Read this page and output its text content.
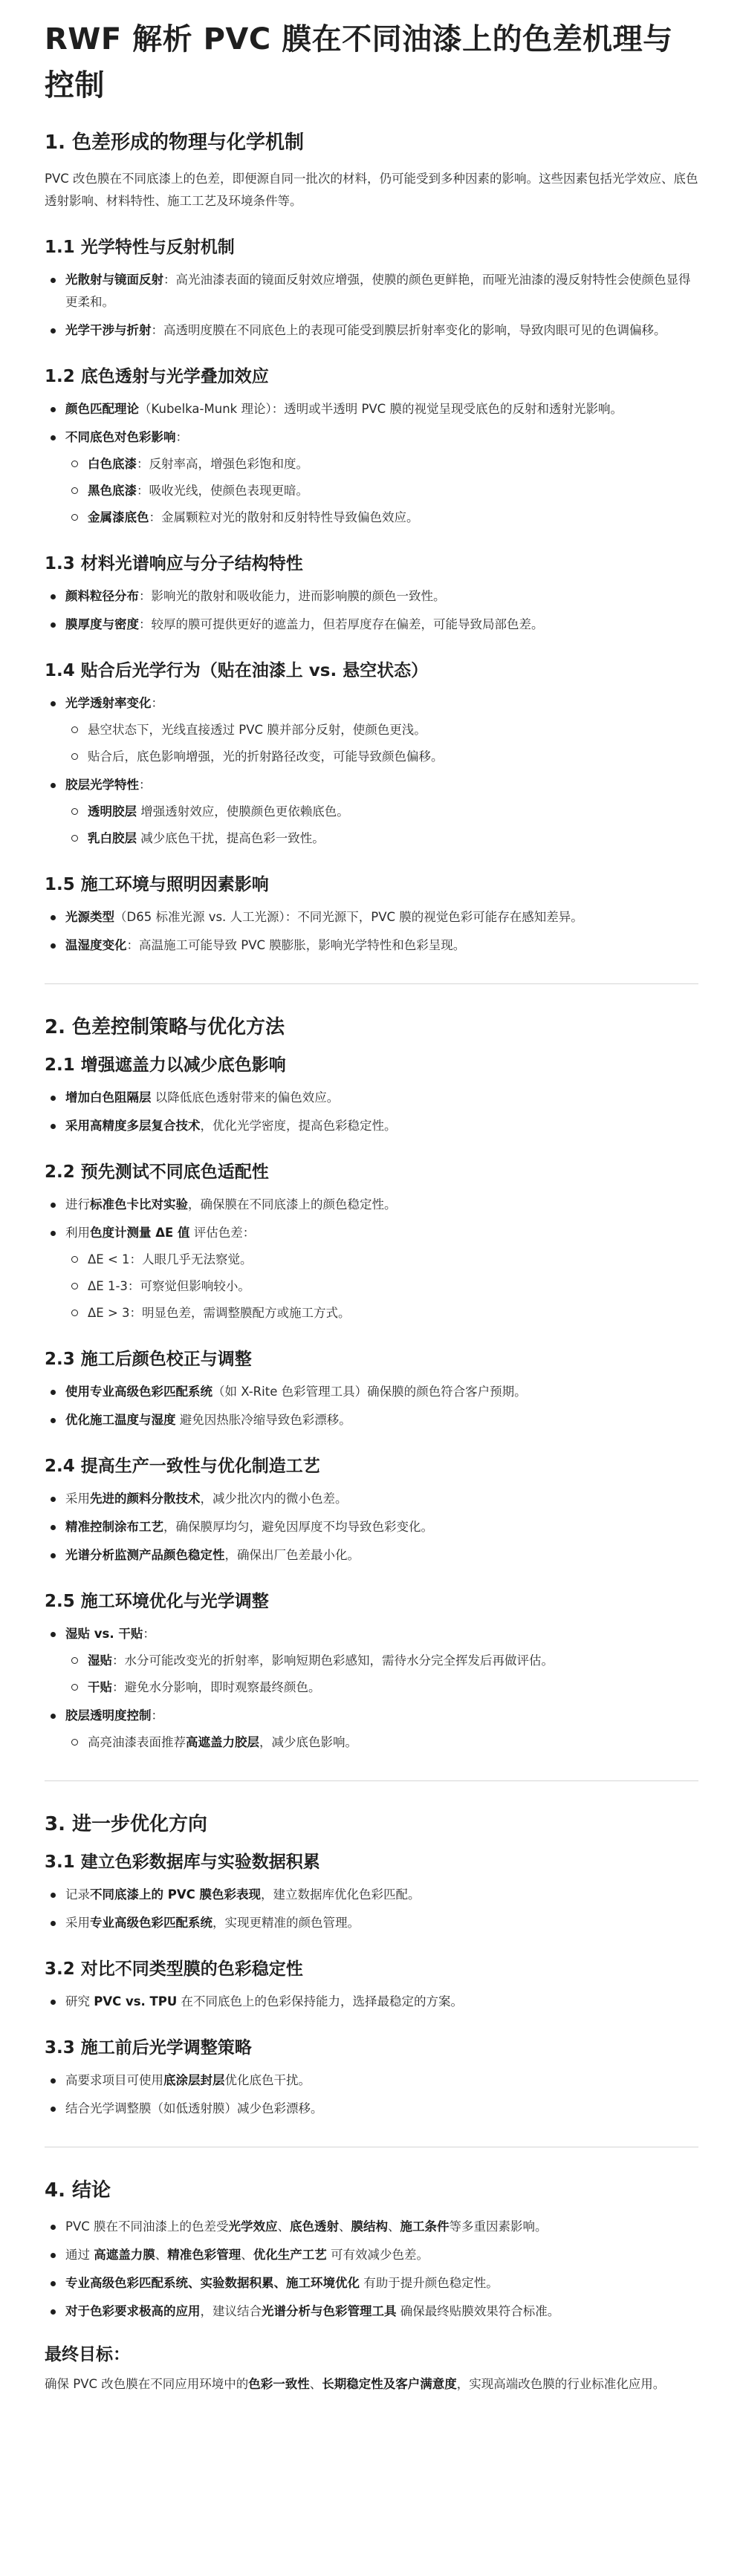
RWF 解析 PVC 膜在不同油漆上的色差机理与控制
1. 色差形成的物理与化学机制

PVC 改色膜在不同底漆上的色差，即便源自同一批次的材料，仍可能受到多种因素的影响。这些因素包括光学效应、底色透射影响、材料特性、施工工艺及环境条件等。

1.1 光学特性与反射机制
光散射与镜面反射：高光油漆表面的镜面反射效应增强，使膜的颜色更鲜艳，而哑光油漆的漫反射特性会使颜色显得更柔和。
光学干涉与折射：高透明度膜在不同底色上的表现可能受到膜层折射率变化的影响，导致肉眼可见的色调偏移。
1.2 底色透射与光学叠加效应
颜色匹配理论（Kubelka-Munk 理论）：透明或半透明 PVC 膜的视觉呈现受底色的反射和透射光影响。
不同底色对色彩影响：
白色底漆：反射率高，增强色彩饱和度。
黑色底漆：吸收光线，使颜色表现更暗。
金属漆底色：金属颗粒对光的散射和反射特性导致偏色效应。
1.3 材料光谱响应与分子结构特性
颜料粒径分布：影响光的散射和吸收能力，进而影响膜的颜色一致性。
膜厚度与密度：较厚的膜可提供更好的遮盖力，但若厚度存在偏差，可能导致局部色差。
1.4 贴合后光学行为（贴在油漆上 vs. 悬空状态）
光学透射率变化：
悬空状态下，光线直接透过 PVC 膜并部分反射，使颜色更浅。
贴合后，底色影响增强，光的折射路径改变，可能导致颜色偏移。
胶层光学特性：
透明胶层 增强透射效应，使膜颜色更依赖底色。
乳白胶层 减少底色干扰，提高色彩一致性。
1.5 施工环境与照明因素影响
光源类型（D65 标准光源 vs. 人工光源）：不同光源下，PVC 膜的视觉色彩可能存在感知差异。
温湿度变化：高温施工可能导致 PVC 膜膨胀，影响光学特性和色彩呈现。
2. 色差控制策略与优化方法
2.1 增强遮盖力以减少底色影响
增加白色阻隔层 以降低底色透射带来的偏色效应。
采用高精度多层复合技术，优化光学密度，提高色彩稳定性。
2.2 预先测试不同底色适配性
进行标准色卡比对实验，确保膜在不同底漆上的颜色稳定性。
利用色度计测量 ΔE 值 评估色差：
ΔE < 1：人眼几乎无法察觉。
ΔE 1-3：可察觉但影响较小。
ΔE > 3：明显色差，需调整膜配方或施工方式。
2.3 施工后颜色校正与调整
使用专业高级色彩匹配系统（如 X-Rite 色彩管理工具）确保膜的颜色符合客户预期。
优化施工温度与湿度 避免因热胀冷缩导致色彩漂移。
2.4 提高生产一致性与优化制造工艺
采用先进的颜料分散技术，减少批次内的微小色差。
精准控制涂布工艺，确保膜厚均匀，避免因厚度不均导致色彩变化。
光谱分析监测产品颜色稳定性，确保出厂色差最小化。
2.5 施工环境优化与光学调整
湿贴 vs. 干贴：
湿贴：水分可能改变光的折射率，影响短期色彩感知，需待水分完全挥发后再做评估。
干贴：避免水分影响，即时观察最终颜色。
胶层透明度控制：
高亮油漆表面推荐高遮盖力胶层，减少底色影响。
3. 进一步优化方向
3.1 建立色彩数据库与实验数据积累
记录不同底漆上的 PVC 膜色彩表现，建立数据库优化色彩匹配。
采用专业高级色彩匹配系统，实现更精准的颜色管理。
3.2 对比不同类型膜的色彩稳定性
研究 PVC vs. TPU 在不同底色上的色彩保持能力，选择最稳定的方案。
3.3 施工前后光学调整策略
高要求项目可使用底涂层封层优化底色干扰。
结合光学调整膜（如低透射膜）减少色彩漂移。
4. 结论
PVC 膜在不同油漆上的色差受光学效应、底色透射、膜结构、施工条件等多重因素影响。
通过 高遮盖力膜、精准色彩管理、优化生产工艺 可有效减少色差。
专业高级色彩匹配系统、实验数据积累、施工环境优化 有助于提升颜色稳定性。
对于色彩要求极高的应用，建议结合光谱分析与色彩管理工具 确保最终贴膜效果符合标准。
最终目标：

确保 PVC 改色膜在不同应用环境中的色彩一致性、长期稳定性及客户满意度，实现高端改色膜的行业标准化应用。
